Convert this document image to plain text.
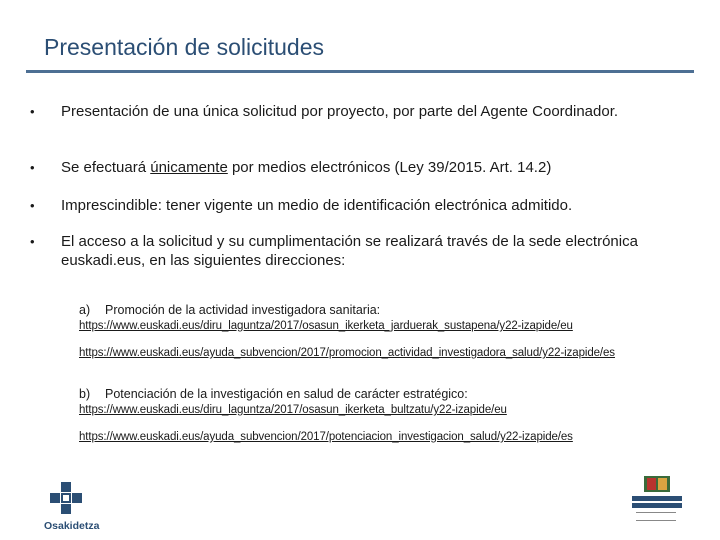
Presentación de solicitudes
• Presentación de una única solicitud por proyecto, por parte del Agente Coordinador.
• Se efectuará únicamente por medios electrónicos (Ley 39/2015. Art. 14.2)
• Imprescindible: tener vigente un medio de identificación electrónica admitido.
• El acceso a la solicitud y su cumplimentación se realizará través de la sede electrónica euskadi.eus, en las siguientes direcciones:
a) Promoción de la actividad investigadora sanitaria:
https://www.euskadi.eus/diru_laguntza/2017/osasun_ikerketa_jarduerak_sustapena/y22-izapide/eu
https://www.euskadi.eus/ayuda_subvencion/2017/promocion_actividad_investigadora_salud/y22-izapide/es
b) Potenciación de la investigación en salud de carácter estratégico:
https://www.euskadi.eus/diru_laguntza/2017/osasun_ikerketa_bultzatu/y22-izapide/eu
https://www.euskadi.eus/ayuda_subvencion/2017/potenciacion_investigacion_salud/y22-izapide/es
Osakidetza
